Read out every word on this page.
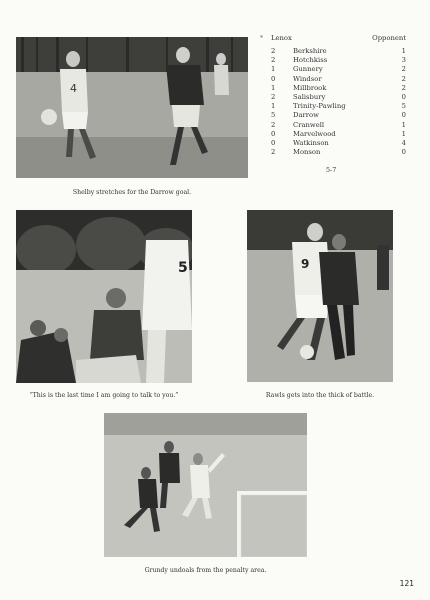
4
Shelby stretches for the Darrow goal.
*	Lenox	Opponent
2	Berkshire	1
2	Hotchkiss	3
1	Gunnery	2
0	Windsor	2
1	Millbrook	2
2	Salisbury	0
1	Trinity-Pawling	5
5	Darrow	0
2	Cranwell	1
0	Marvelwood	1
0	Watkinson	4
2	Monson	0
5-7
5
“This is the last time I am going to talk to you.”
9
Rawls gets into the thick of battle.
Grundy undoals from the penalty area.
121
